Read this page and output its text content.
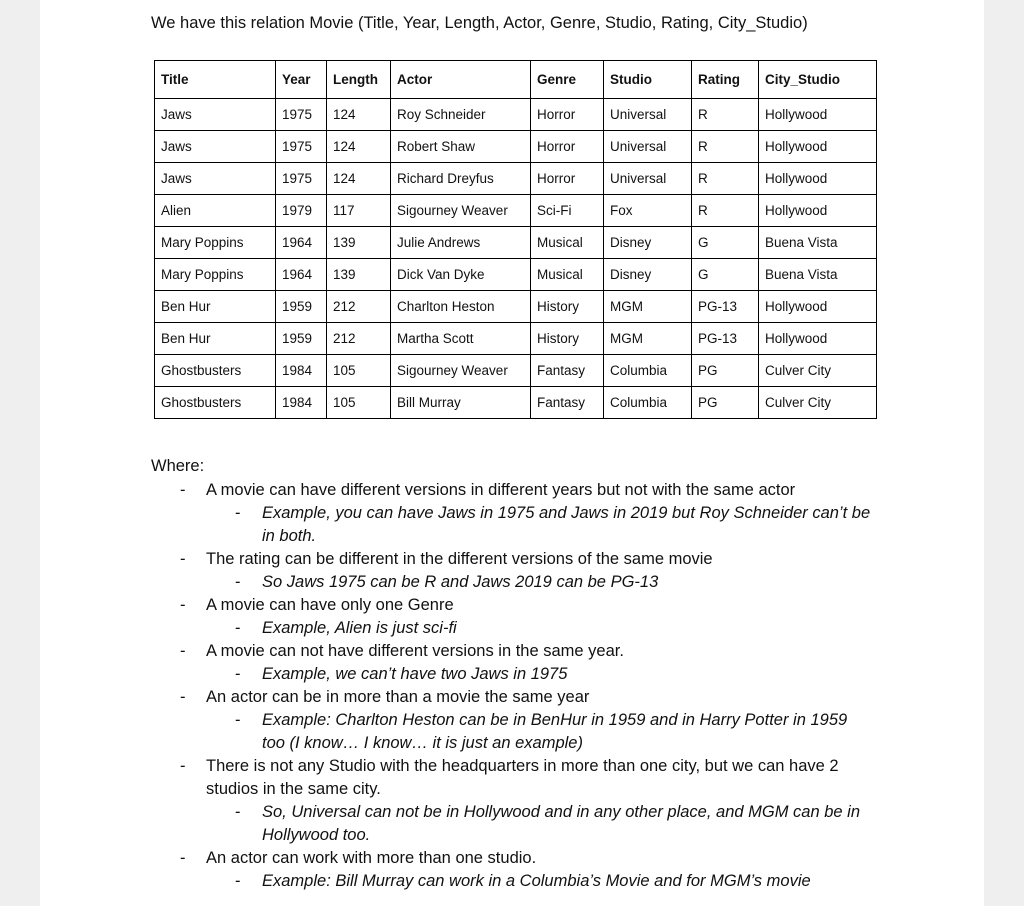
We have this relation Movie (Title, Year, Length, Actor, Genre, Studio, Rating, City_Studio)
Title	Year	Length	Actor	Genre	Studio	Rating	City_Studio
Jaws	1975	124	Roy Schneider	Horror	Universal	R	Hollywood
Jaws	1975	124	Robert Shaw	Horror	Universal	R	Hollywood
Jaws	1975	124	Richard Dreyfus	Horror	Universal	R	Hollywood
Alien	1979	117	Sigourney Weaver	Sci-Fi	Fox	R	Hollywood
Mary Poppins	1964	139	Julie Andrews	Musical	Disney	G	Buena Vista
Mary Poppins	1964	139	Dick Van Dyke	Musical	Disney	G	Buena Vista
Ben Hur	1959	212	Charlton Heston	History	MGM	PG-13	Hollywood
Ben Hur	1959	212	Martha Scott	History	MGM	PG-13	Hollywood
Ghostbusters	1984	105	Sigourney Weaver	Fantasy	Columbia	PG	Culver City
Ghostbusters	1984	105	Bill Murray	Fantasy	Columbia	PG	Culver City
Where:
- A movie can have different versions in different years but not with the same actor
- Example, you can have Jaws in 1975 and Jaws in 2019 but Roy Schneider can’t be in both.
- The rating can be different in the different versions of the same movie
- So Jaws 1975 can be R and Jaws 2019 can be PG-13
- A movie can have only one Genre
- Example, Alien is just sci-fi
- A movie can not have different versions in the same year.
- Example, we can’t have two Jaws in 1975
- An actor can be in more than a movie the same year
- Example: Charlton Heston can be in BenHur in 1959 and in Harry Potter in 1959 too (I know… I know… it is just an example)
- There is not any Studio with the headquarters in more than one city, but we can have 2 studios in the same city.
- So, Universal can not be in Hollywood and in any other place, and MGM can be in Hollywood too.
- An actor can work with more than one studio.
- Example: Bill Murray can work in a Columbia’s Movie and for MGM’s movie
